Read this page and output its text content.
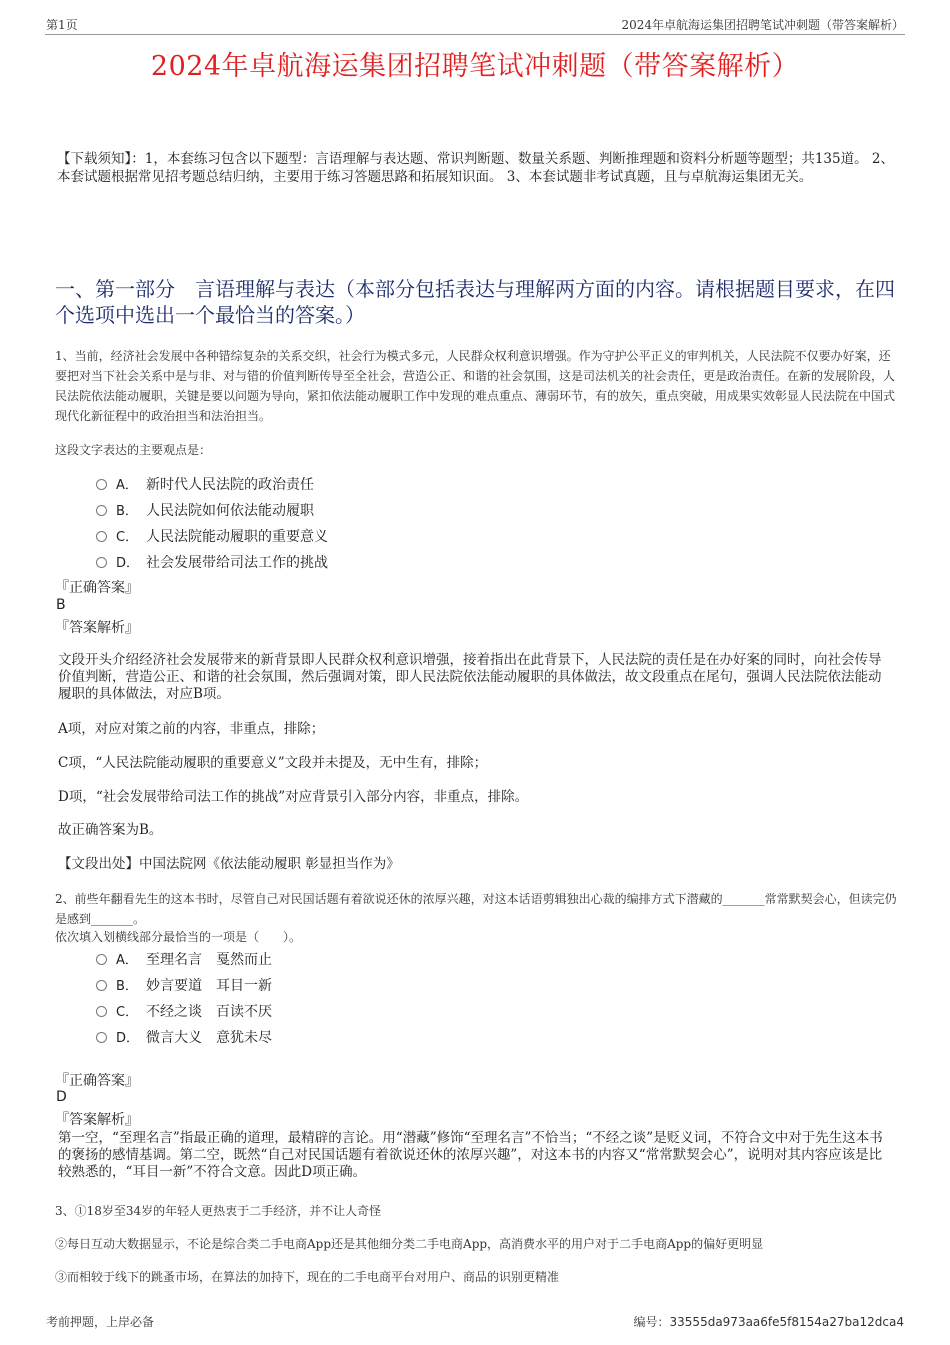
第1页	2024年卓航海运集团招聘笔试冲刺题（带答案解析）
2024年卓航海运集团招聘笔试冲刺题（带答案解析）
【下载须知】：1，本套练习包含以下题型：言语理解与表达题、常识判断题、数量关系题、判断推理题和资料分析题等题型；共135道。 2、本套试题根据常见招考题总结归纳，主要用于练习答题思路和拓展知识面。 3、本套试题非考试真题，且与卓航海运集团无关。
一、第一部分　言语理解与表达（本部分包括表达与理解两方面的内容。请根据题目要求，在四个选项中选出一个最恰当的答案。）
1、当前，经济社会发展中各种错综复杂的关系交织，社会行为模式多元，人民群众权利意识增强。作为守护公平正义的审判机关，人民法院不仅要办好案，还要把对当下社会关系中是与非、对与错的价值判断传导至全社会，营造公正、和谐的社会氛围，这是司法机关的社会责任，更是政治责任。在新的发展阶段，人民法院依法能动履职，关键是要以问题为导向，紧扣依法能动履职工作中发现的难点重点、薄弱环节，有的放矢，重点突破，用成果实效彰显人民法院在中国式现代化新征程中的政治担当和法治担当。
这段文字表达的主要观点是：
A． 新时代人民法院的政治责任
B． 人民法院如何依法能动履职
C． 人民法院能动履职的重要意义
D． 社会发展带给司法工作的挑战
『正确答案』
B
『答案解析』
文段开头介绍经济社会发展带来的新背景即人民群众权利意识增强，接着指出在此背景下，人民法院的责任是在办好案的同时，向社会传导价值判断，营造公正、和谐的社会氛围，然后强调对策，即人民法院依法能动履职的具体做法，故文段重点在尾句，强调人民法院依法能动履职的具体做法，对应B项。
A项，对应对策之前的内容，非重点，排除；
C项，“人民法院能动履职的重要意义”文段并未提及，无中生有，排除；
D项，“社会发展带给司法工作的挑战”对应背景引入部分内容，非重点，排除。
故正确答案为B。
【文段出处】中国法院网《依法能动履职 彰显担当作为》
2、前些年翻看先生的这本书时，尽管自己对民国话题有着欲说还休的浓厚兴趣，对这本话语剪辑独出心裁的编排方式下潜藏的_______常常默契会心，但读完仍是感到_______。
依次填入划横线部分最恰当的一项是（　　）。
A． 至理名言　戛然而止
B． 妙言要道　耳目一新
C． 不经之谈　百读不厌
D． 微言大义　意犹未尽
『正确答案』
D
『答案解析』
第一空，“至理名言”指最正确的道理，最精辟的言论。用“潜藏”修饰“至理名言”不恰当；“不经之谈”是贬义词，不符合文中对于先生这本书的褒扬的感情基调。第二空，既然“自己对民国话题有着欲说还休的浓厚兴趣”，对这本书的内容又“常常默契会心”，说明对其内容应该是比较熟悉的，“耳目一新”不符合文意。因此D项正确。
3、①18岁至34岁的年轻人更热衷于二手经济，并不让人奇怪
②每日互动大数据显示，不论是综合类二手电商App还是其他细分类二手电商App，高消费水平的用户对于二手电商App的偏好更明显
③而相较于线下的跳蚤市场，在算法的加持下，现在的二手电商平台对用户、商品的识别更精准
考前押题，上岸必备	编号：33555da973aa6fe5f8154a27ba12dca4
